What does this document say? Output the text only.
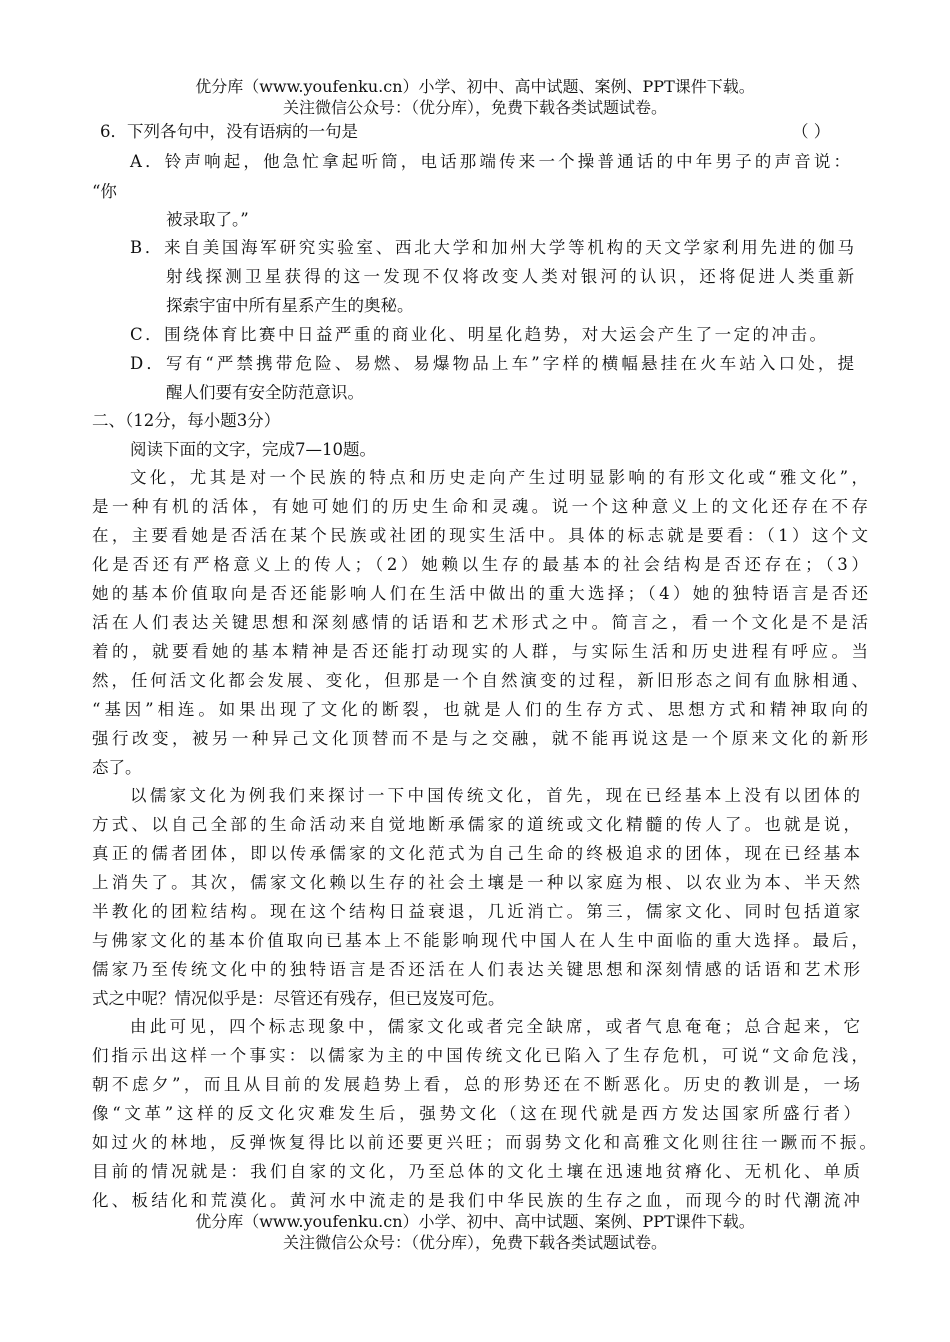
优分库（www.youfenku.cn）小学、初中、高中试题、案例、PPT课件下载。
关注微信公众号：（优分库），免费下载各类试题试卷。
6．下列各句中，没有语病的一句是	（ ）
A．铃声响起，他急忙拿起听筒，电话那端传来一个操普通话的中年男子的声音说：
“你
被录取了。”
B．来自美国海军研究实验室、西北大学和加州大学等机构的天文学家利用先进的伽马
射线探测卫星获得的这一发现不仅将改变人类对银河的认识，还将促进人类重新
探索宇宙中所有星系产生的奥秘。
C．围绕体育比赛中日益严重的商业化、明星化趋势，对大运会产生了一定的冲击。
D．写有“严禁携带危险、易燃、易爆物品上车”字样的横幅悬挂在火车站入口处，提
醒人们要有安全防范意识。
二、（12分，每小题3分）
阅读下面的文字，完成7—10题。
文化，尤其是对一个民族的特点和历史走向产生过明显影响的有形文化或“雅文化”，
是一种有机的活体，有她可她们的历史生命和灵魂。说一个这种意义上的文化还存在不存
在，主要看她是否活在某个民族或社团的现实生活中。具体的标志就是要看：（1）这个文
化是否还有严格意义上的传人；（2）她赖以生存的最基本的社会结构是否还存在；（3）
她的基本价值取向是否还能影响人们在生活中做出的重大选择；（4）她的独特语言是否还
活在人们表达关键思想和深刻感情的话语和艺术形式之中。简言之，看一个文化是不是活
着的，就要看她的基本精神是否还能打动现实的人群，与实际生活和历史进程有呼应。当
然，任何活文化都会发展、变化，但那是一个自然演变的过程，新旧形态之间有血脉相通、
“基因”相连。如果出现了文化的断裂，也就是人们的生存方式、思想方式和精神取向的
强行改变，被另一种异己文化顶替而不是与之交融，就不能再说这是一个原来文化的新形
态了。
以儒家文化为例我们来探讨一下中国传统文化，首先，现在已经基本上没有以团体的
方式、以自己全部的生命活动来自觉地断承儒家的道统或文化精髓的传人了。也就是说，
真正的儒者团体，即以传承儒家的文化范式为自己生命的终极追求的团体，现在已经基本
上消失了。其次，儒家文化赖以生存的社会土壤是一种以家庭为根、以农业为本、半天然
半教化的团粒结构。现在这个结构日益衰退，几近消亡。第三，儒家文化、同时包括道家
与佛家文化的基本价值取向已基本上不能影响现代中国人在人生中面临的重大选择。最后，
儒家乃至传统文化中的独特语言是否还活在人们表达关键思想和深刻情感的话语和艺术形
式之中呢？情况似乎是：尽管还有残存，但已岌岌可危。
由此可见，四个标志现象中，儒家文化或者完全缺席，或者气息奄奄；总合起来，它
们指示出这样一个事实：以儒家为主的中国传统文化已陷入了生存危机，可说“文命危浅，
朝不虑夕”，而且从目前的发展趋势上看，总的形势还在不断恶化。历史的教训是，一场
像“文革”这样的反文化灾难发生后，强势文化（这在现代就是西方发达国家所盛行者）
如过火的林地，反弹恢复得比以前还要更兴旺；而弱势文化和高雅文化则往往一蹶而不振。
目前的情况就是：我们自家的文化，乃至总体的文化土壤在迅速地贫瘠化、无机化、单质
化、板结化和荒漠化。黄河水中流走的是我们中华民族的生存之血，而现今的时代潮流冲
优分库（www.youfenku.cn）小学、初中、高中试题、案例、PPT课件下载。
关注微信公众号：（优分库），免费下载各类试题试卷。
